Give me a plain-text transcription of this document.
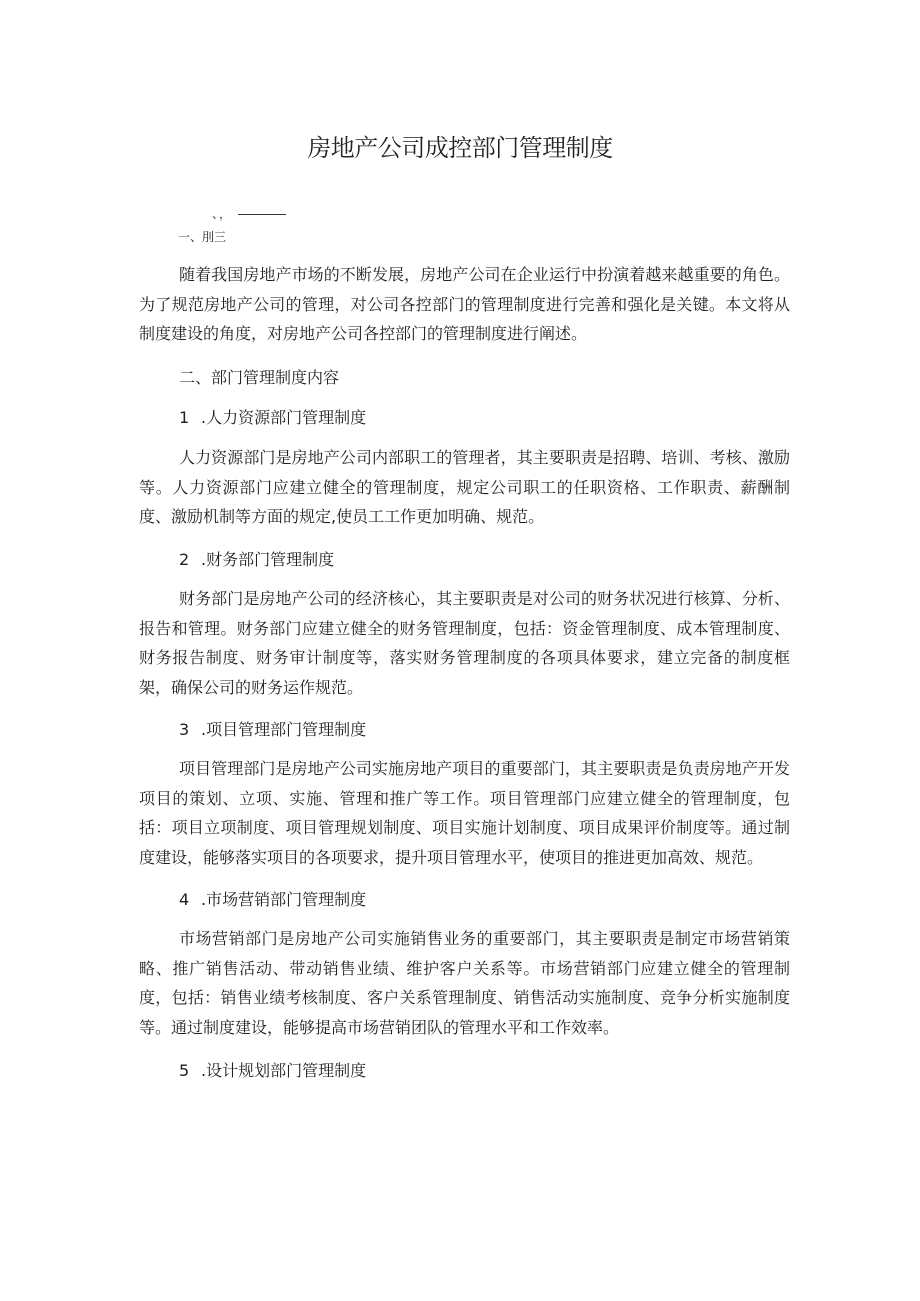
房地产公司成控部门管理制度
、，
一、刖三

随着我国房地产市场的不断发展，房地产公司在企业运行中扮演着越来越重要的角色。为了规范房地产公司的管理，对公司各控部门的管理制度进行完善和强化是关键。本文将从制度建设的角度，对房地产公司各控部门的管理制度进行阐述。

二、部门管理制度内容

1 .人力资源部门管理制度

人力资源部门是房地产公司内部职工的管理者，其主要职责是招聘、培训、考核、激励等。人力资源部门应建立健全的管理制度，规定公司职工的任职资格、工作职责、薪酬制度、激励机制等方面的规定,使员工工作更加明确、规范。

2 .财务部门管理制度

财务部门是房地产公司的经济核心，其主要职责是对公司的财务状况进行核算、分析、报告和管理。财务部门应建立健全的财务管理制度，包括：资金管理制度、成本管理制度、财务报告制度、财务审计制度等，落实财务管理制度的各项具体要求，建立完备的制度框架，确保公司的财务运作规范。

3 .项目管理部门管理制度

项目管理部门是房地产公司实施房地产项目的重要部门，其主要职责是负责房地产开发项目的策划、立项、实施、管理和推广等工作。项目管理部门应建立健全的管理制度，包括：项目立项制度、项目管理规划制度、项目实施计划制度、项目成果评价制度等。通过制度建设，能够落实项目的各项要求，提升项目管理水平，使项目的推进更加高效、规范。

4 .市场营销部门管理制度

市场营销部门是房地产公司实施销售业务的重要部门，其主要职责是制定市场营销策略、推广销售活动、带动销售业绩、维护客户关系等。市场营销部门应建立健全的管理制度，包括：销售业绩考核制度、客户关系管理制度、销售活动实施制度、竞争分析实施制度等。通过制度建设，能够提高市场营销团队的管理水平和工作效率。

5 .设计规划部门管理制度
